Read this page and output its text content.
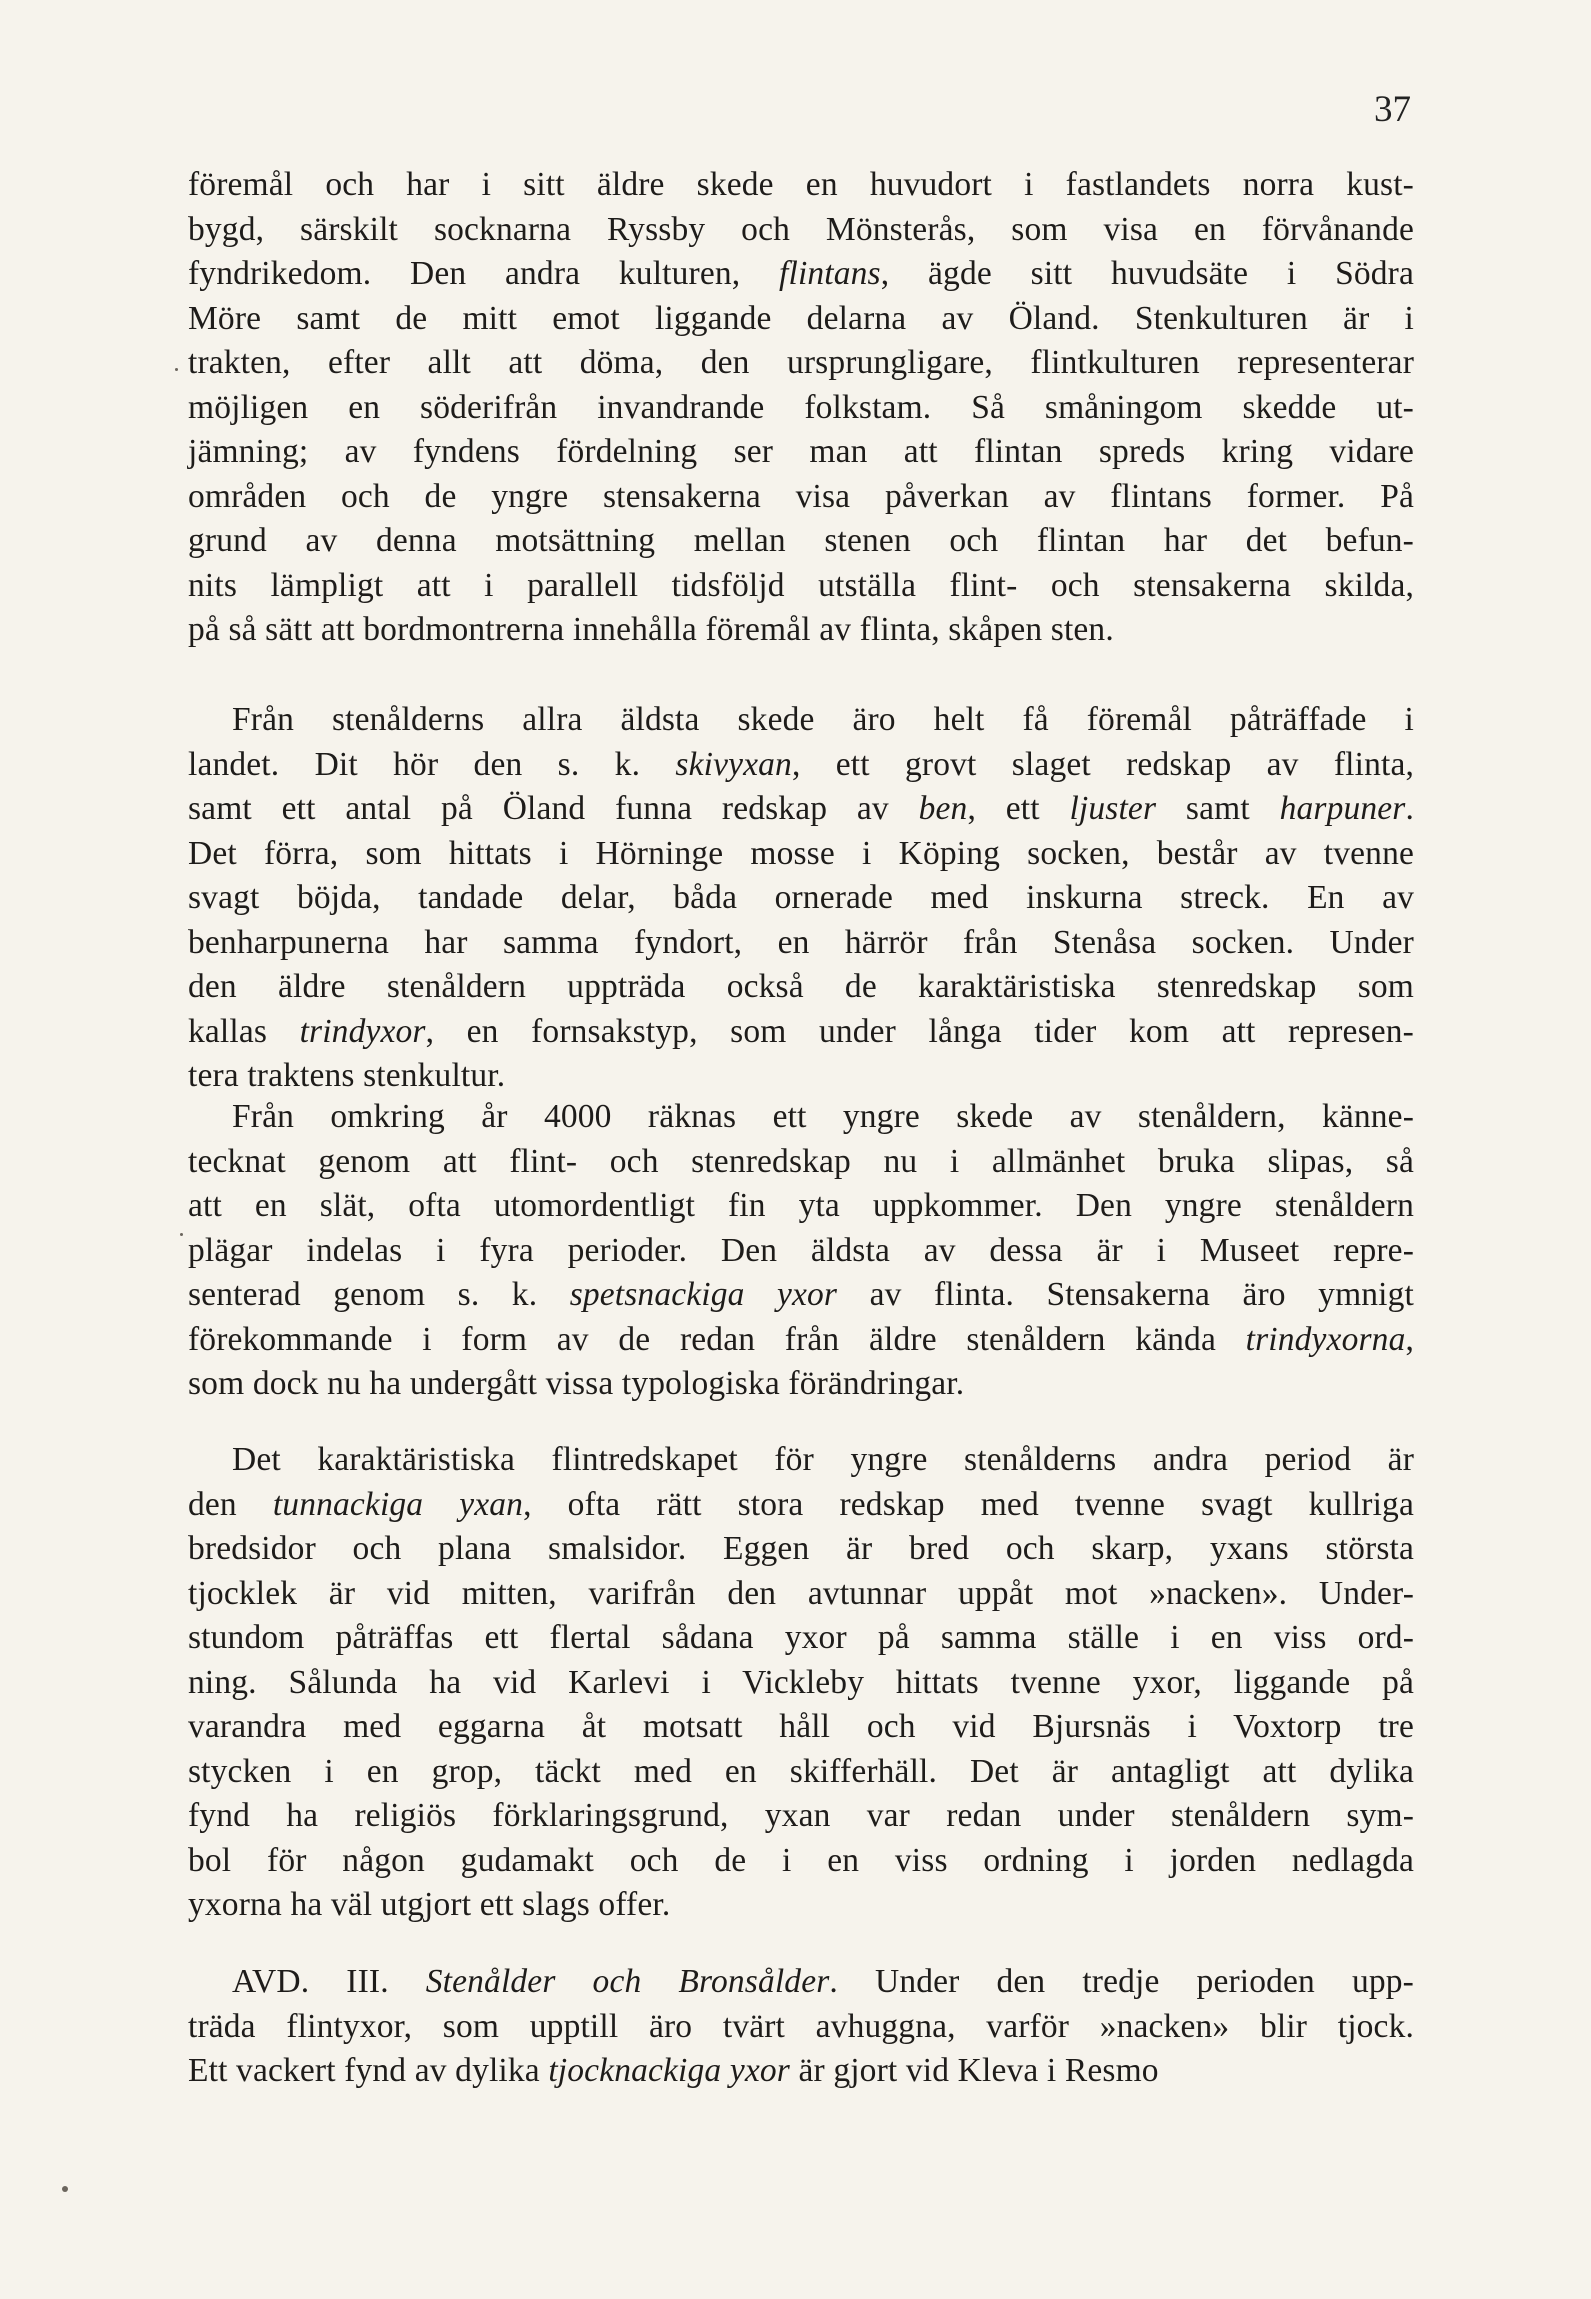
37
föremål och har i sitt äldre skede en huvudort i fastlandets norra kust-
bygd, särskilt socknarna Ryssby och Mönsterås, som visa en förvånande
fyndrikedom. Den andra kulturen, flintans, ägde sitt huvudsäte i Södra
Möre samt de mitt emot liggande delarna av Öland. Stenkulturen är i
trakten, efter allt att döma, den ursprungligare, flintkulturen representerar
möjligen en söderifrån invandrande folkstam. Så småningom skedde ut-
jämning; av fyndens fördelning ser man att flintan spreds kring vidare
områden och de yngre stensakerna visa påverkan av flintans former. På
grund av denna motsättning mellan stenen och flintan har det befun-
nits lämpligt att i parallell tidsföljd utställa flint- och stensakerna skilda,
på så sätt att bordmontrerna innehålla föremål av flinta, skåpen sten.
Från stenålderns allra äldsta skede äro helt få föremål påträffade i
landet. Dit hör den s. k. skivyxan, ett grovt slaget redskap av flinta,
samt ett antal på Öland funna redskap av ben, ett ljuster samt harpuner.
Det förra, som hittats i Hörninge mosse i Köping socken, består av tvenne
svagt böjda, tandade delar, båda ornerade med inskurna streck. En av
benharpunerna har samma fyndort, en härrör från Stenåsa socken. Under
den äldre stenåldern uppträda också de karaktäristiska stenredskap som
kallas trindyxor, en fornsakstyp, som under långa tider kom att represen-
tera traktens stenkultur.
Från omkring år 4000 räknas ett yngre skede av stenåldern, känne-
tecknat genom att flint- och stenredskap nu i allmänhet bruka slipas, så
att en slät, ofta utomordentligt fin yta uppkommer. Den yngre stenåldern
plägar indelas i fyra perioder. Den äldsta av dessa är i Museet repre-
senterad genom s. k. spetsnackiga yxor av flinta. Stensakerna äro ymnigt
förekommande i form av de redan från äldre stenåldern kända trindyxorna,
som dock nu ha undergått vissa typologiska förändringar.
Det karaktäristiska flintredskapet för yngre stenålderns andra period är
den tunnackiga yxan, ofta rätt stora redskap med tvenne svagt kullriga
bredsidor och plana smalsidor. Eggen är bred och skarp, yxans största
tjocklek är vid mitten, varifrån den avtunnar uppåt mot »nacken». Under-
stundom påträffas ett flertal sådana yxor på samma ställe i en viss ord-
ning. Sålunda ha vid Karlevi i Vickleby hittats tvenne yxor, liggande på
varandra med eggarna åt motsatt håll och vid Bjursnäs i Voxtorp tre
stycken i en grop, täckt med en skifferhäll. Det är antagligt att dylika
fynd ha religiös förklaringsgrund, yxan var redan under stenåldern sym-
bol för någon gudamakt och de i en viss ordning i jorden nedlagda
yxorna ha väl utgjort ett slags offer.
AVD. III. Stenålder och Bronsålder. Under den tredje perioden upp-
träda flintyxor, som upptill äro tvärt avhuggna, varför »nacken» blir tjock.
Ett vackert fynd av dylika tjocknackiga yxor är gjort vid Kleva i Resmo
